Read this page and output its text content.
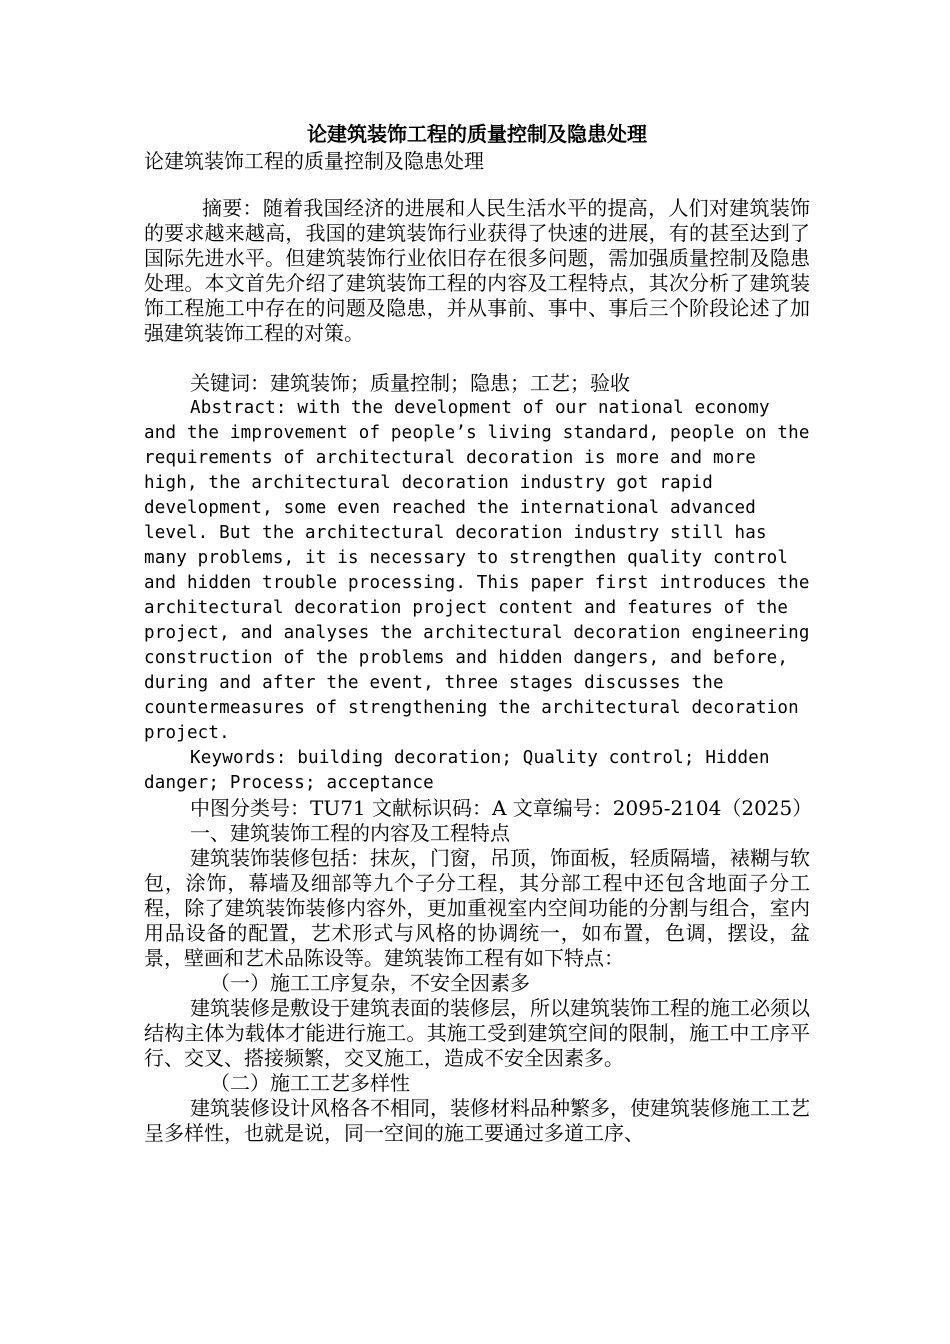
论建筑装饰工程的质量控制及隐患处理

论建筑装饰工程的质量控制及隐患处理

摘要：随着我国经济的进展和人民生活水平的提高，人们对建筑装饰的要求越来越高，我国的建筑装饰行业获得了快速的进展，有的甚至达到了国际先进水平。但建筑装饰行业依旧存在很多问题，需加强质量控制及隐患处理。本文首先介绍了建筑装饰工程的内容及工程特点，其次分析了建筑装饰工程施工中存在的问题及隐患，并从事前、事中、事后三个阶段论述了加强建筑装饰工程的对策。

关键词：建筑装饰；质量控制；隐患；工艺；验收

Abstract: with the development of our national economy and the improvement of people’s living standard, people on the requirements of architectural decoration is more and more high, the architectural decoration industry got rapid development, some even reached the international advanced level. But the architectural decoration industry still has many problems, it is necessary to strengthen quality control and hidden trouble processing. This paper first introduces the architectural decoration project content and features of the project, and analyses the architectural decoration engineering construction of the problems and hidden dangers, and before, during and after the event, three stages discusses the countermeasures of strengthening the architectural decoration project.

Keywords: building decoration; Quality control; Hidden danger; Process; acceptance

中图分类号：TU71 文献标识码：A 文章编号：2095-2104（2025）

一、建筑装饰工程的内容及工程特点

建筑装饰装修包括：抹灰，门窗，吊顶，饰面板，轻质隔墙，裱糊与软包，涂饰，幕墙及细部等九个子分工程，其分部工程中还包含地面子分工程，除了建筑装饰装修内容外，更加重视室内空间功能的分割与组合，室内用品设备的配置，艺术形式与风格的协调统一，如布置，色调，摆设，盆景，壁画和艺术品陈设等。建筑装饰工程有如下特点：

（一）施工工序复杂，不安全因素多

建筑装修是敷设于建筑表面的装修层，所以建筑装饰工程的施工必须以结构主体为载体才能进行施工。其施工受到建筑空间的限制，施工中工序平行、交叉、搭接频繁，交叉施工，造成不安全因素多。

（二）施工工艺多样性

建筑装修设计风格各不相同，装修材料品种繁多，使建筑装修施工工艺呈多样性，也就是说，同一空间的施工要通过多道工序、
